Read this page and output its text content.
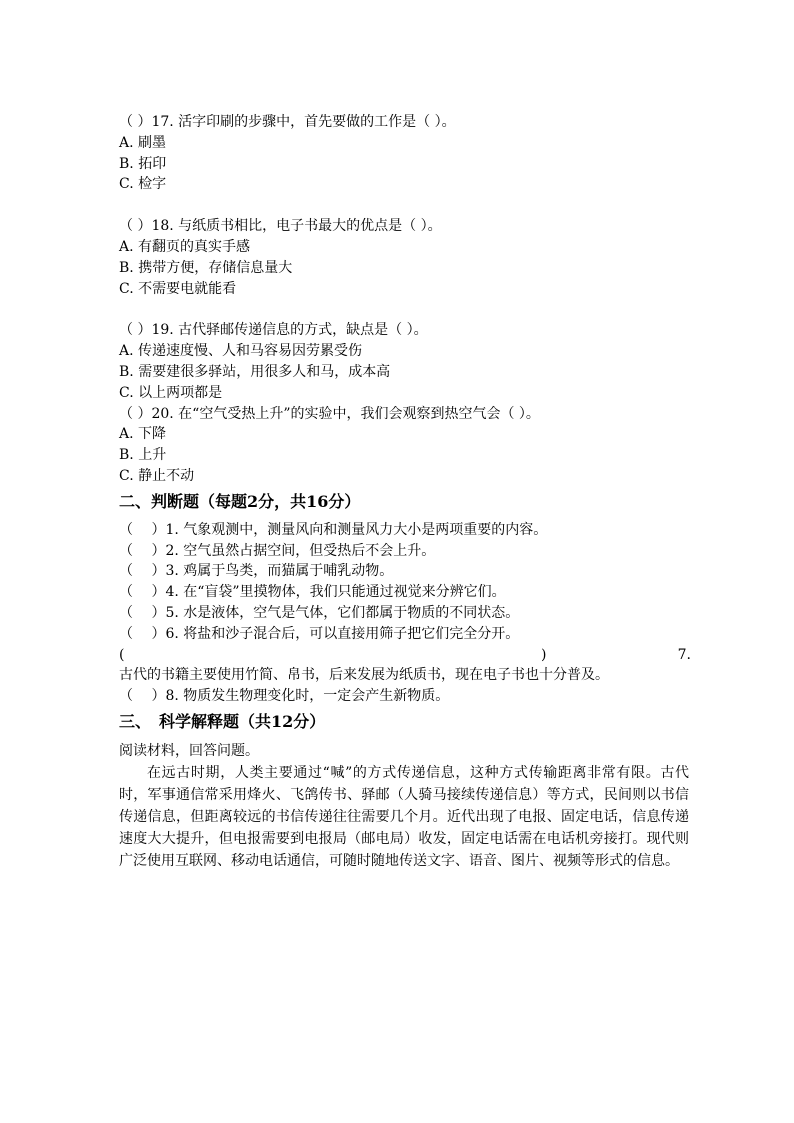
（ ）17. 活字印刷的步骤中，首先要做的工作是（ ）。
A. 刷墨
B. 拓印
C. 检字
（ ）18. 与纸质书相比，电子书最大的优点是（ ）。
A. 有翻页的真实手感
B. 携带方便，存储信息量大
C. 不需要电就能看
（ ）19. 古代驿邮传递信息的方式，缺点是（ ）。
A. 传递速度慢、人和马容易因劳累受伤
B. 需要建很多驿站，用很多人和马，成本高
C. 以上两项都是
（ ）20. 在“空气受热上升”的实验中，我们会观察到热空气会（ ）。
A. 下降
B. 上升
C. 静止不动
二、判断题（每题2分，共16分）
（　 ）1. 气象观测中，测量风向和测量风力大小是两项重要的内容。
（　 ）2. 空气虽然占据空间，但受热后不会上升。
（　 ）3. 鸡属于鸟类，而猫属于哺乳动物。
（　 ）4. 在“盲袋”里摸物体，我们只能通过视觉来分辨它们。
（　 ）5. 水是液体，空气是气体，它们都属于物质的不同状态。
（　 ）6. 将盐和沙子混合后，可以直接用筛子把它们完全分开。
(	)	7.
古代的书籍主要使用竹简、帛书，后来发展为纸质书，现在电子书也十分普及。
（　 ）8. 物质发生物理变化时，一定会产生新物质。
三、　科学解释题（共12分）
阅读材料，回答问题。
在远古时期，人类主要通过“喊”的方式传递信息，这种方式传输距离非常有限。古代时，军事通信常采用烽火、飞鸽传书、驿邮（人骑马接续传递信息）等方式，民间则以书信传递信息，但距离较远的书信传递往往需要几个月。近代出现了电报、固定电话，信息传递速度大大提升，但电报需要到电报局（邮电局）收发，固定电话需在电话机旁接打。现代则广泛使用互联网、移动电话通信，可随时随地传送文字、语音、图片、视频等形式的信息。
